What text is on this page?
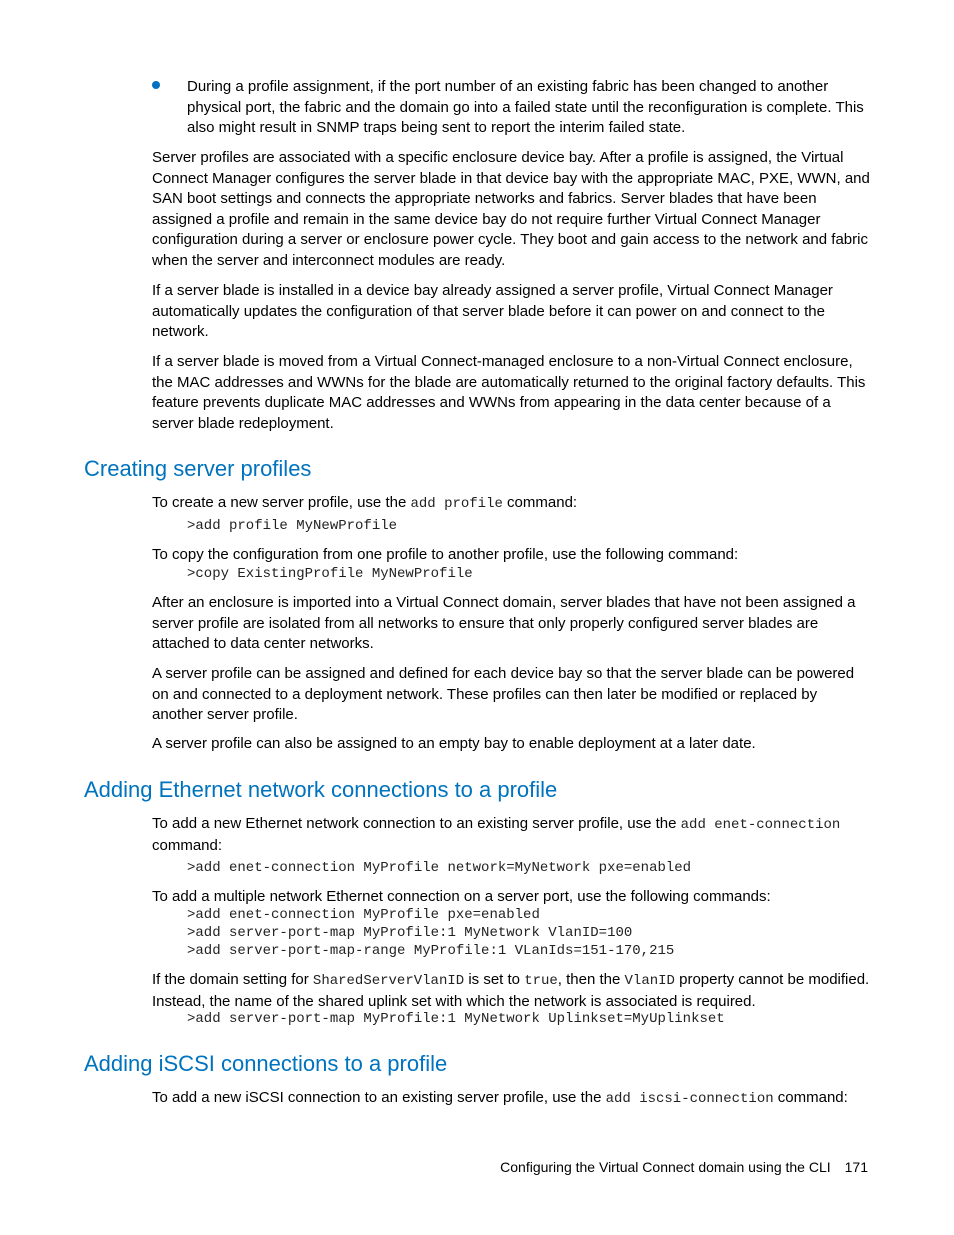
During a profile assignment, if the port number of an existing fabric has been changed to another physical port, the fabric and the domain go into a failed state until the reconfiguration is complete. This also might result in SNMP traps being sent to report the interim failed state.

Server profiles are associated with a specific enclosure device bay. After a profile is assigned, the Virtual Connect Manager configures the server blade in that device bay with the appropriate MAC, PXE, WWN, and SAN boot settings and connects the appropriate networks and fabrics. Server blades that have been assigned a profile and remain in the same device bay do not require further Virtual Connect Manager configuration during a server or enclosure power cycle. They boot and gain access to the network and fabric when the server and interconnect modules are ready.

If a server blade is installed in a device bay already assigned a server profile, Virtual Connect Manager automatically updates the configuration of that server blade before it can power on and connect to the network.

If a server blade is moved from a Virtual Connect-managed enclosure to a non-Virtual Connect enclosure, the MAC addresses and WWNs for the blade are automatically returned to the original factory defaults. This feature prevents duplicate MAC addresses and WWNs from appearing in the data center because of a server blade redeployment.

Creating server profiles

To create a new server profile, use the add profile command:

>add profile MyNewProfile

To copy the configuration from one profile to another profile, use the following command:

>copy ExistingProfile MyNewProfile

After an enclosure is imported into a Virtual Connect domain, server blades that have not been assigned a server profile are isolated from all networks to ensure that only properly configured server blades are attached to data center networks.

A server profile can be assigned and defined for each device bay so that the server blade can be powered on and connected to a deployment network. These profiles can then later be modified or replaced by another server profile.

A server profile can also be assigned to an empty bay to enable deployment at a later date.

Adding Ethernet network connections to a profile

To add a new Ethernet network connection to an existing server profile, use the add enet-connection command:

>add enet-connection MyProfile network=MyNetwork pxe=enabled

To add a multiple network Ethernet connection on a server port, use the following commands:

>add enet-connection MyProfile pxe=enabled
>add server-port-map MyProfile:1 MyNetwork VlanID=100
>add server-port-map-range MyProfile:1 VLanIds=151-170,215

If the domain setting for SharedServerVlanID is set to true, then the VlanID property cannot be modified. Instead, the name of the shared uplink set with which the network is associated is required.

>add server-port-map MyProfile:1 MyNetwork Uplinkset=MyUplinkset
Adding iSCSI connections to a profile

To add a new iSCSI connection to an existing server profile, use the add iscsi-connection command:

Configuring the Virtual Connect domain using the CLI 171
